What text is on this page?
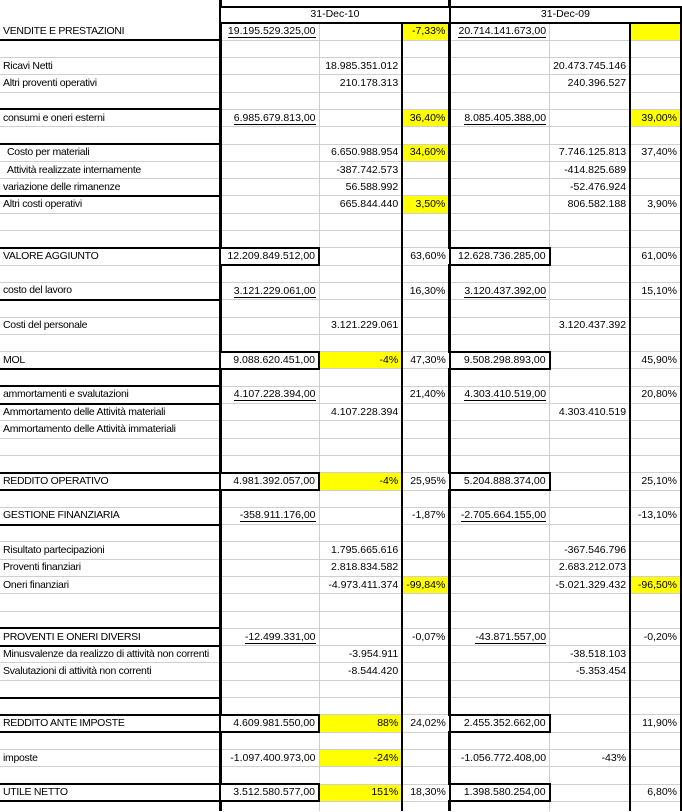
	31-Dec-10			31-Dec-09		
VENDITE E PRESTAZIONI	19.195.529.325,00		-7,33%	20.714.141.673,00		

Ricavi Netti		18.985.351.012			20.473.745.146	
Altri proventi operativi		210.178.313			240.396.527	

consumi e oneri esterni	6.985.679.813,00		36,40%	8.085.405.388,00		39,00%

Costo per materiali		6.650.988.954	34,60%		7.746.125.813	37,40%
Attività realizzate internamente		-387.742.573			-414.825.689	
variazione delle rimanenze		56.588.992			-52.476.924	
Altri costi operativi		665.844.440	3,50%		806.582.188	3,90%

VALORE AGGIUNTO	12.209.849.512,00		63,60%	12.628.736.285,00		61,00%

costo del lavoro	3.121.229.061,00		16,30%	3.120.437.392,00		15,10%

Costi del personale		3.121.229.061			3.120.437.392	

MOL	9.088.620.451,00	-4%	47,30%	9.508.298.893,00		45,90%

ammortamenti e svalutazioni	4.107.228.394,00		21,40%	4.303.410.519,00		20,80%
Ammortamento delle Attività materiali		4.107.228.394			4.303.410.519	
Ammortamento delle Attività immateriali						

REDDITO OPERATIVO	4.981.392.057,00	-4%	25,95%	5.204.888.374,00		25,10%

GESTIONE FINANZIARIA	-358.911.176,00		-1,87%	-2.705.664.155,00		-13,10%

Risultato partecipazioni		1.795.665.616			-367.546.796	
Proventi finanziari		2.818.834.582			2.683.212.073	
Oneri finanziari		-4.973.411.374	-99,84%		-5.021.329.432	-96,50%

PROVENTI E ONERI DIVERSI	-12.499.331,00		-0,07%	-43.871.557,00		-0,20%
Minusvalenze da realizzo di attività non correnti		-3.954.911			-38.518.103	
Svalutazioni di attività non correnti		-8.544.420			-5.353.454	

REDDITO ANTE IMPOSTE	4.609.981.550,00	88%	24,02%	2.455.352.662,00		11,90%

imposte	-1.097.400.973,00	-24%		-1.056.772.408,00	-43%	

UTILE NETTO	3.512.580.577,00	151%	18,30%	1.398.580.254,00		6,80%
